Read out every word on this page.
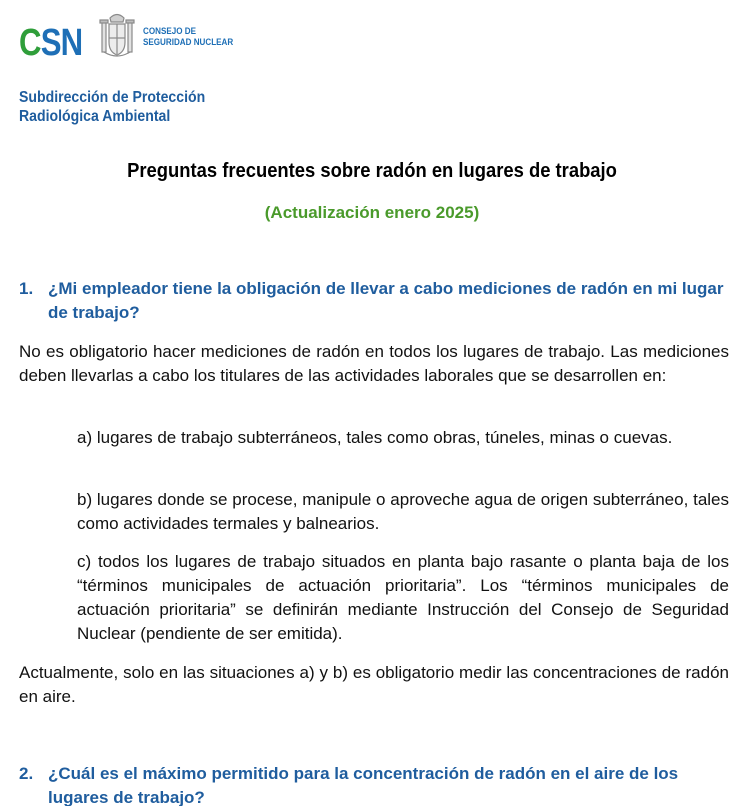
CSN	CONSEJO DE
SEGURIDAD NUCLEAR
Subdirección de Protección
Radiológica Ambiental
Preguntas frecuentes sobre radón en lugares de trabajo
(Actualización enero 2025)
1. ¿Mi empleador tiene la obligación de llevar a cabo mediciones de radón en mi lugar de trabajo?
No es obligatorio hacer mediciones de radón en todos los lugares de trabajo. Las mediciones deben llevarlas a cabo los titulares de las actividades laborales que se desarrollen en:
a) lugares de trabajo subterráneos, tales como obras, túneles, minas o cuevas.
b) lugares donde se procese, manipule o aproveche agua de origen subterráneo, tales como actividades termales y balnearios.
c) todos los lugares de trabajo situados en planta bajo rasante o planta baja de los “términos municipales de actuación prioritaria”. Los “términos municipales de actuación prioritaria” se definirán mediante Instrucción del Consejo de Seguridad Nuclear (pendiente de ser emitida).
Actualmente, solo en las situaciones a) y b) es obligatorio medir las concentraciones de radón en aire.
2. ¿Cuál es el máximo permitido para la concentración de radón en el aire de los lugares de trabajo?
